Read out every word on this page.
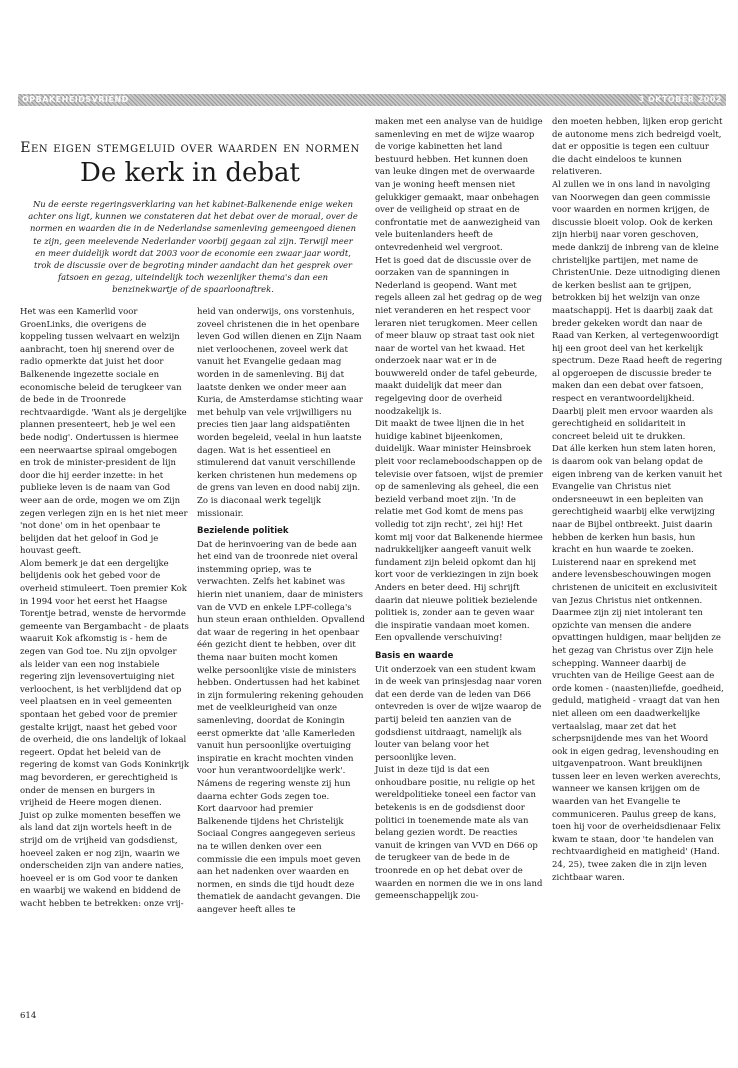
OPBAKEHEIDSVRIEND	3 OKTOBER 2002
Een eigen stemgeluid over waarden en normen
De kerk in debat

Nu de eerste regeringsverklaring van het kabinet-Balkenende enige weken achter ons ligt, kunnen we constateren dat het debat over de moraal, over de normen en waarden die in de Nederlandse samenleving gemeengoed dienen te zijn, geen meelevende Nederlander voorbij gegaan zal zijn. Terwijl meer en meer duidelijk wordt dat 2003 voor de economie een zwaar jaar wordt, trok de discussie over de begroting minder aandacht dan het gesprek over fatsoen en gezag, uiteindelijk toch wezenlijker thema's dan een benzinekwartje of de spaarloonaftrek.

Het was een Kamerlid voor GroenLinks, die overigens de koppeling tussen welvaart en welzijn aanbracht, toen hij snerend over de radio opmerkte dat juist het door Balkenende ingezette sociale en economische beleid de terugkeer van de bede in de Troonrede rechtvaardigde. 'Want als je dergelijke plannen presenteert, heb je wel een bede nodig'. Ondertussen is hiermee een neerwaartse spiraal omgebogen en trok de minister-president de lijn door die hij eerder inzette: in het publieke leven is de naam van God weer aan de orde, mogen we om Zijn zegen verlegen zijn en is het niet meer 'not done' om in het openbaar te belijden dat het geloof in God je houvast geeft.

Alom bemerk je dat een dergelijke belijdenis ook het gebed voor de overheid stimuleert. Toen premier Kok in 1994 voor het eerst het Haagse Torentje betrad, wenste de hervormde gemeente van Bergambacht - de plaats waaruit Kok afkomstig is - hem de zegen van God toe. Nu zijn opvolger als leider van een nog instabiele regering zijn levensovertuiging niet verloochent, is het verblijdend dat op veel plaatsen en in veel gemeenten spontaan het gebed voor de premier gestalte krijgt, naast het gebed voor de overheid, die ons landelijk of lokaal regeert. Opdat het beleid van de regering de komst van Gods Koninkrijk mag bevorderen, er gerechtigheid is onder de mensen en burgers in vrijheid de Heere mogen dienen.

Juist op zulke momenten beseffen we als land dat zijn wortels heeft in de strijd om de vrijheid van godsdienst, hoeveel zaken er nog zijn, waarin we onderscheiden zijn van andere naties, hoeveel er is om God voor te danken en waarbij we wakend en biddend de wacht hebben te betrekken: onze vrij-

heid van onderwijs, ons vorstenhuis, zoveel christenen die in het openbare leven God willen dienen en Zijn Naam niet verloochenen, zoveel werk dat vanuit het Evangelie gedaan mag worden in de samenleving. Bij dat laatste denken we onder meer aan Kuria, de Amsterdamse stichting waar met behulp van vele vrijwilligers nu precies tien jaar lang aidspatiënten worden begeleid, veelal in hun laatste dagen. Wat is het essentieel en stimulerend dat vanuit verschillende kerken christenen hun medemens op de grens van leven en dood nabij zijn. Zo is diaconaal werk tegelijk missionair.

Bezielende politiek

Dat de herinvoering van de bede aan het eind van de troonrede niet overal instemming opriep, was te verwachten. Zelfs het kabinet was hierin niet unaniem, daar de ministers van de VVD en enkele LPF-collega's hun steun eraan onthielden. Opvallend dat waar de regering in het openbaar één gezicht dient te hebben, over dit thema naar buiten mocht komen welke persoonlijke visie de ministers hebben. Ondertussen had het kabinet in zijn formulering rekening gehouden met de veelkleurigheid van onze samenleving, doordat de Koningin eerst opmerkte dat 'alle Kamerleden vanuit hun persoonlijke overtuiging inspiratie en kracht mochten vinden voor hun verantwoordelijke werk'. Námens de regering wenste zij hun daarna echter Gods zegen toe.

Kort daarvoor had premier Balkenende tijdens het Christelijk Sociaal Congres aangegeven serieus na te willen denken over een commissie die een impuls moet geven aan het nadenken over waarden en normen, en sinds die tijd houdt deze thematiek de aandacht gevangen. Die aangever heeft alles te

maken met een analyse van de huidige samenleving en met de wijze waarop de vorige kabinetten het land bestuurd hebben. Het kunnen doen van leuke dingen met de overwaarde van je woning heeft mensen niet gelukkiger gemaakt, maar onbehagen over de veiligheid op straat en de confrontatie met de aanwezigheid van vele buitenlanders heeft de ontevredenheid wel vergroot.

Het is goed dat de discussie over de oorzaken van de spanningen in Nederland is geopend. Want met regels alleen zal het gedrag op de weg niet veranderen en het respect voor leraren niet terugkomen. Meer cellen of meer blauw op straat tast ook niet naar de wortel van het kwaad. Het onderzoek naar wat er in de bouwwereld onder de tafel gebeurde, maakt duidelijk dat meer dan regelgeving door de overheid noodzakelijk is.

Dit maakt de twee lijnen die in het huidige kabinet bijeenkomen, duidelijk. Waar minister Heinsbroek pleit voor reclameboodschappen op de televisie over fatsoen, wijst de premier op de samenleving als geheel, die een bezield verband moet zijn. 'In de relatie met God komt de mens pas volledig tot zijn recht', zei hij! Het komt mij voor dat Balkenende hiermee nadrukkelijker aangeeft vanuit welk fundament zijn beleid opkomt dan hij kort voor de verkiezingen in zijn boek Anders en beter deed. Hij schrijft daarin dat nieuwe politiek bezielende politiek is, zonder aan te geven waar die inspiratie vandaan moet komen. Een opvallende verschuiving!

Basis en waarde

Uit onderzoek van een student kwam in de week van prinsjesdag naar voren dat een derde van de leden van D66 ontevreden is over de wijze waarop de partij beleid ten aanzien van de godsdienst uitdraagt, namelijk als louter van belang voor het persoonlijke leven.

Juist in deze tijd is dat een onhoudbare positie, nu religie op het wereldpolitieke toneel een factor van betekenis is en de godsdienst door politici in toenemende mate als van belang gezien wordt. De reacties vanuit de kringen van VVD en D66 op de terugkeer van de bede in de troonrede en op het debat over de waarden en normen die we in ons land gemeenschappelijk zou-

den moeten hebben, lijken erop gericht de autonome mens zich bedreigd voelt, dat er oppositie is tegen een cultuur die dacht eindeloos te kunnen relativeren.

Al zullen we in ons land in navolging van Noorwegen dan geen commissie voor waarden en normen krijgen, de discussie bloeit volop. Ook de kerken zijn hierbij naar voren geschoven, mede dankzij de inbreng van de kleine christelijke partijen, met name de ChristenUnie. Deze uitnodiging dienen de kerken beslist aan te grijpen, betrokken bij het welzijn van onze maatschappij. Het is daarbij zaak dat breder gekeken wordt dan naar de Raad van Kerken, al vertegenwoordigt hij een groot deel van het kerkelijk spectrum. Deze Raad heeft de regering al opgeroepen de discussie breder te maken dan een debat over fatsoen, respect en verantwoordelijkheid. Daarbij pleit men ervoor waarden als gerechtigheid en solidariteit in concreet beleid uit te drukken.

Dat álle kerken hun stem laten horen, is daarom ook van belang opdat de eigen inbreng van de kerken vanuit het Evangelie van Christus niet ondersneeuwt in een bepleiten van gerechtigheid waarbij elke verwijzing naar de Bijbel ontbreekt. Juist daarin hebben de kerken hun basis, hun kracht en hun waarde te zoeken. Luisterend naar en sprekend met andere levensbeschouwingen mogen christenen de uniciteit en exclusiviteit van Jezus Christus niet ontkennen. Daarmee zijn zij niet intolerant ten opzichte van mensen die andere opvattingen huldigen, maar belijden ze het gezag van Christus over Zijn hele schepping. Wanneer daarbij de vruchten van de Heilige Geest aan de orde komen - (naasten)liefde, goedheid, geduld, matigheid - vraagt dat van hen niet alleen om een daadwerkelijke vertaalslag, maar zet dat het scherpsnijdende mes van het Woord ook in eigen gedrag, levenshouding en uitgavenpatroon. Want breuklijnen tussen leer en leven werken averechts, wanneer we kansen krijgen om de waarden van het Evangelie te communiceren. Paulus greep de kans, toen hij voor de overheidsdienaar Felix kwam te staan, door 'te handelen van rechtvaardigheid en matigheid' (Hand. 24, 25), twee zaken die in zijn leven zichtbaar waren.

614
